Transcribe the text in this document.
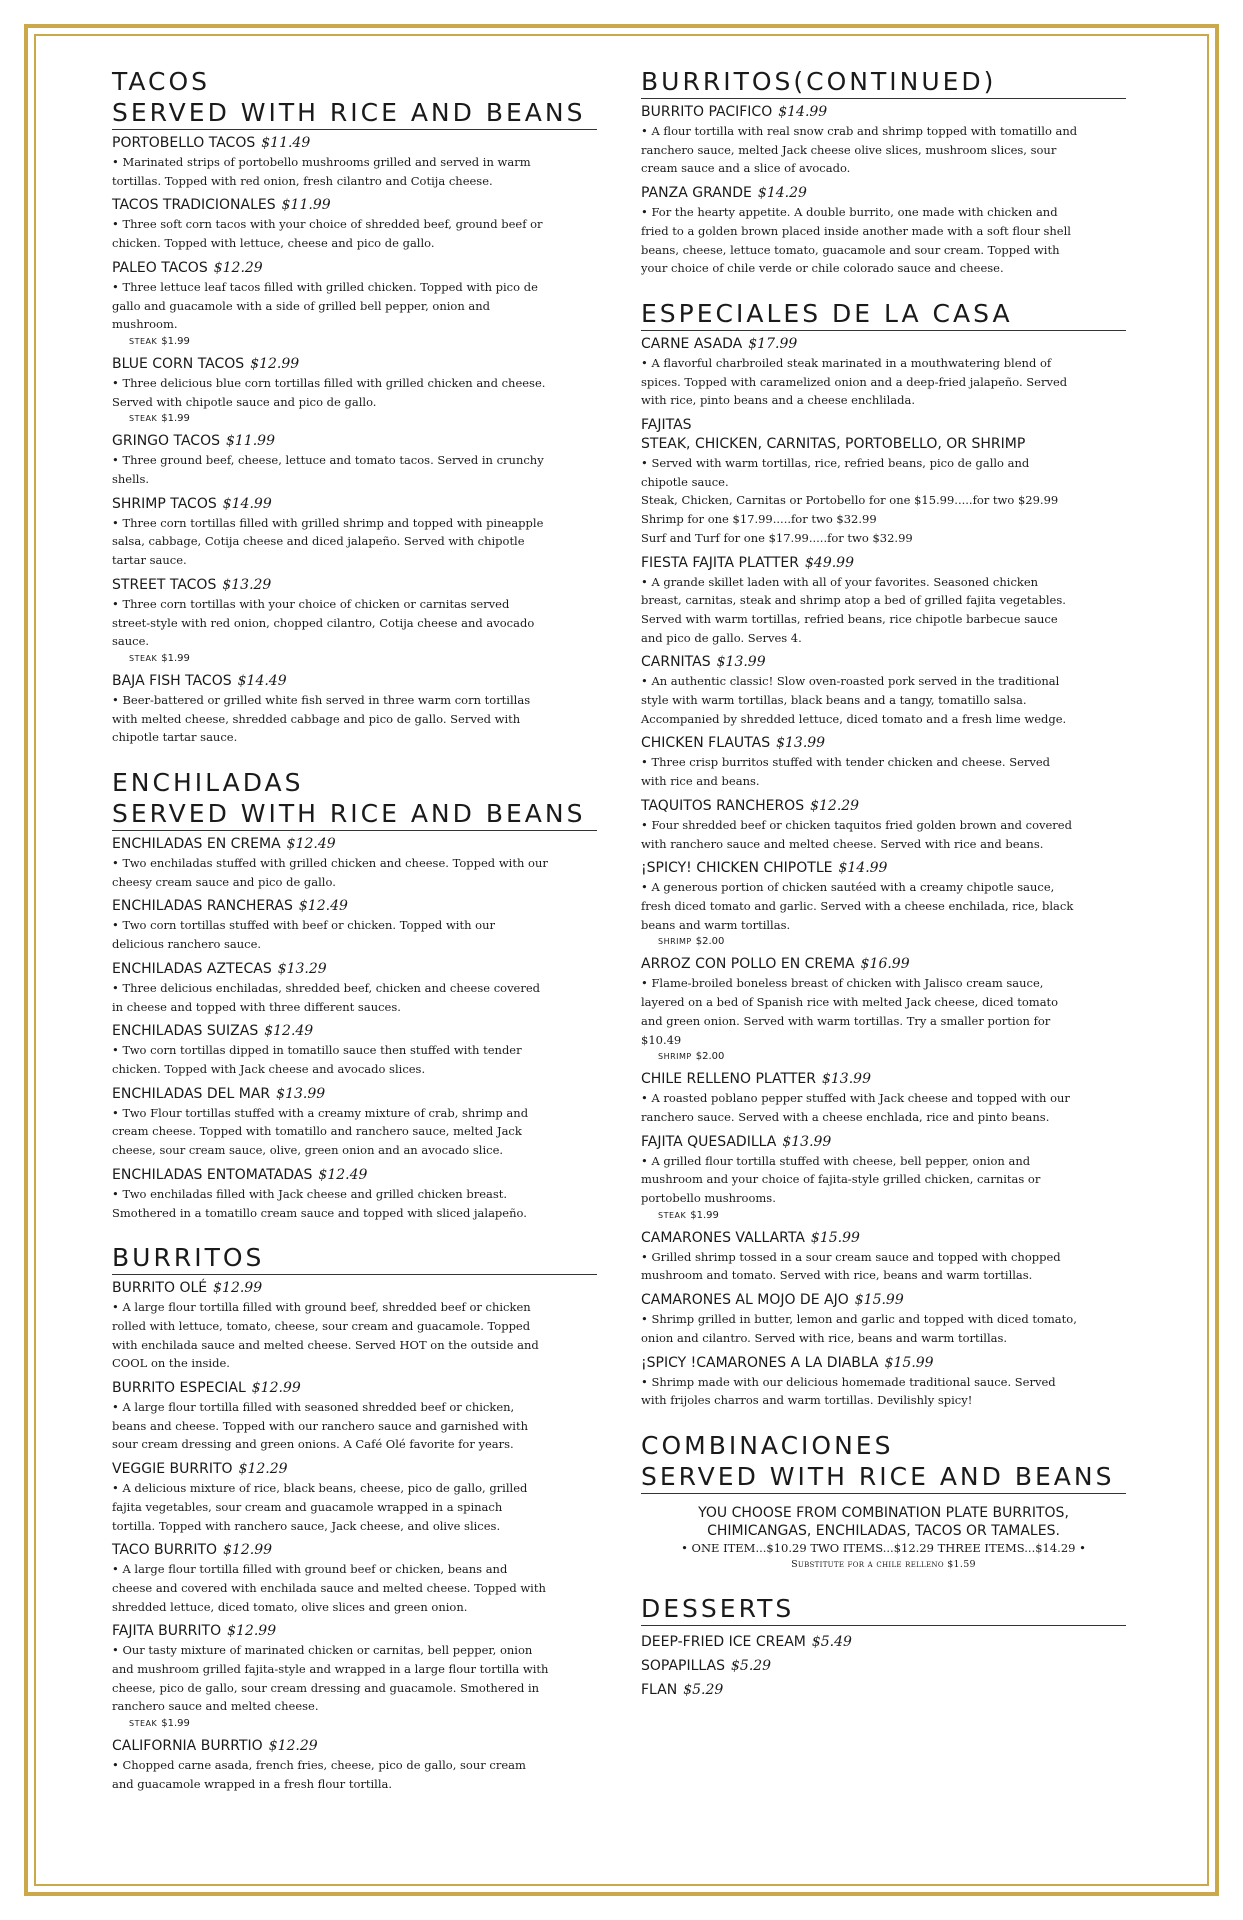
TACOS
SERVED WITH RICE AND BEANS
PORTOBELLO TACOS $11.49
• Marinated strips of portobello mushrooms grilled and served in warm tortillas. Topped with red onion, fresh cilantro and Cotija cheese.
TACOS TRADICIONALES $11.99
• Three soft corn tacos with your choice of shredded beef, ground beef or chicken. Topped with lettuce, cheese and pico de gallo.
PALEO TACOS $12.29
• Three lettuce leaf tacos filled with grilled chicken. Topped with pico de gallo and guacamole with a side of grilled bell pepper, onion and mushroom.
STEAK $1.99
BLUE CORN TACOS $12.99
• Three delicious blue corn tortillas filled with grilled chicken and cheese. Served with chipotle sauce and pico de gallo.
STEAK $1.99
GRINGO TACOS $11.99
• Three ground beef, cheese, lettuce and tomato tacos. Served in crunchy shells.
SHRIMP TACOS $14.99
• Three corn tortillas filled with grilled shrimp and topped with pineapple salsa, cabbage, Cotija cheese and diced jalapeño. Served with chipotle tartar sauce.
STREET TACOS $13.29
• Three corn tortillas with your choice of chicken or carnitas served street-style with red onion, chopped cilantro, Cotija cheese and avocado sauce.
STEAK $1.99
BAJA FISH TACOS $14.49
• Beer-battered or grilled white fish served in three warm corn tortillas with melted cheese, shredded cabbage and pico de gallo. Served with chipotle tartar sauce.
ENCHILADAS
SERVED WITH RICE AND BEANS
ENCHILADAS EN CREMA $12.49
• Two enchiladas stuffed with grilled chicken and cheese. Topped with our cheesy cream sauce and pico de gallo.
ENCHILADAS RANCHERAS $12.49
• Two corn tortillas stuffed with beef or chicken. Topped with our delicious ranchero sauce.
ENCHILADAS AZTECAS $13.29
• Three delicious enchiladas, shredded beef, chicken and cheese covered in cheese and topped with three different sauces.
ENCHILADAS SUIZAS $12.49
• Two corn tortillas dipped in tomatillo sauce then stuffed with tender chicken. Topped with Jack cheese and avocado slices.
ENCHILADAS DEL MAR $13.99
• Two Flour tortillas stuffed with a creamy mixture of crab, shrimp and cream cheese. Topped with tomatillo and ranchero sauce, melted Jack cheese, sour cream sauce, olive, green onion and an avocado slice.
ENCHILADAS ENTOMATADAS $12.49
• Two enchiladas filled with Jack cheese and grilled chicken breast. Smothered in a tomatillo cream sauce and topped with sliced jalapeño.
BURRITOS
BURRITO OLÉ $12.99
• A large flour tortilla filled with ground beef, shredded beef or chicken rolled with lettuce, tomato, cheese, sour cream and guacamole. Topped with enchilada sauce and melted cheese. Served HOT on the outside and COOL on the inside.
BURRITO ESPECIAL $12.99
• A large flour tortilla filled with seasoned shredded beef or chicken, beans and cheese. Topped with our ranchero sauce and garnished with sour cream dressing and green onions. A Café Olé favorite for years.
VEGGIE BURRITO $12.29
• A delicious mixture of rice, black beans, cheese, pico de gallo, grilled fajita vegetables, sour cream and guacamole wrapped in a spinach tortilla. Topped with ranchero sauce, Jack cheese, and olive slices.
TACO BURRITO $12.99
• A large flour tortilla filled with ground beef or chicken, beans and cheese and covered with enchilada sauce and melted cheese. Topped with shredded lettuce, diced tomato, olive slices and green onion.
FAJITA BURRITO $12.99
• Our tasty mixture of marinated chicken or carnitas, bell pepper, onion and mushroom grilled fajita-style and wrapped in a large flour tortilla with cheese, pico de gallo, sour cream dressing and guacamole. Smothered in ranchero sauce and melted cheese.
STEAK $1.99
CALIFORNIA BURRTIO $12.29
• Chopped carne asada, french fries, cheese, pico de gallo, sour cream and guacamole wrapped in a fresh flour tortilla.
BURRITOS(CONTINUED)
BURRITO PACIFICO $14.99
• A flour tortilla with real snow crab and shrimp topped with tomatillo and ranchero sauce, melted Jack cheese olive slices, mushroom slices, sour cream sauce and a slice of avocado.
PANZA GRANDE $14.29
• For the hearty appetite. A double burrito, one made with chicken and fried to a golden brown placed inside another made with a soft flour shell beans, cheese, lettuce tomato, guacamole and sour cream. Topped with your choice of chile verde or chile colorado sauce and cheese.
ESPECIALES DE LA CASA
CARNE ASADA $17.99
• A flavorful charbroiled steak marinated in a mouthwatering blend of spices. Topped with caramelized onion and a deep-fried jalapeño. Served with rice, pinto beans and a cheese enchlilada.
FAJITAS
STEAK, CHICKEN, CARNITAS, PORTOBELLO, OR SHRIMP
• Served with warm tortillas, rice, refried beans, pico de gallo and chipotle sauce.
Steak, Chicken, Carnitas or Portobello for one $15.99.....for two $29.99
Shrimp for one $17.99.....for two $32.99
Surf and Turf for one $17.99.....for two $32.99
FIESTA FAJITA PLATTER $49.99
• A grande skillet laden with all of your favorites. Seasoned chicken breast, carnitas, steak and shrimp atop a bed of grilled fajita vegetables. Served with warm tortillas, refried beans, rice chipotle barbecue sauce and pico de gallo. Serves 4.
CARNITAS $13.99
• An authentic classic! Slow oven-roasted pork served in the traditional style with warm tortillas, black beans and a tangy, tomatillo salsa. Accompanied by shredded lettuce, diced tomato and a fresh lime wedge.
CHICKEN FLAUTAS $13.99
• Three crisp burritos stuffed with tender chicken and cheese. Served with rice and beans.
TAQUITOS RANCHEROS $12.29
• Four shredded beef or chicken taquitos fried golden brown and covered with ranchero sauce and melted cheese. Served with rice and beans.
¡SPICY! CHICKEN CHIPOTLE $14.99
• A generous portion of chicken sautéed with a creamy chipotle sauce, fresh diced tomato and garlic. Served with a cheese enchilada, rice, black beans and warm tortillas.
SHRIMP $2.00
ARROZ CON POLLO EN CREMA $16.99
• Flame-broiled boneless breast of chicken with Jalisco cream sauce, layered on a bed of Spanish rice with melted Jack cheese, diced tomato and green onion. Served with warm tortillas. Try a smaller portion for $10.49
SHRIMP $2.00
CHILE RELLENO PLATTER $13.99
• A roasted poblano pepper stuffed with Jack cheese and topped with our ranchero sauce. Served with a cheese enchlada, rice and pinto beans.
FAJITA QUESADILLA $13.99
• A grilled flour tortilla stuffed with cheese, bell pepper, onion and mushroom and your choice of fajita-style grilled chicken, carnitas or portobello mushrooms.
STEAK $1.99
CAMARONES VALLARTA $15.99
• Grilled shrimp tossed in a sour cream sauce and topped with chopped mushroom and tomato. Served with rice, beans and warm tortillas.
CAMARONES AL MOJO DE AJO $15.99
• Shrimp grilled in butter, lemon and garlic and topped with diced tomato, onion and cilantro. Served with rice, beans and warm tortillas.
¡SPICY !CAMARONES A LA DIABLA $15.99
• Shrimp made with our delicious homemade traditional sauce. Served with frijoles charros and warm tortillas. Devilishly spicy!
COMBINACIONES
SERVED WITH RICE AND BEANS
YOU CHOOSE FROM COMBINATION PLATE BURRITOS,
CHIMICANGAS, ENCHILADAS, TACOS OR TAMALES.
• ONE ITEM...$10.29 TWO ITEMS...$12.29 THREE ITEMS...$14.29 •
Substitute for a chile relleno $1.59
DESSERTS
DEEP-FRIED ICE CREAM $5.49
SOPAPILLAS $5.29
FLAN $5.29
